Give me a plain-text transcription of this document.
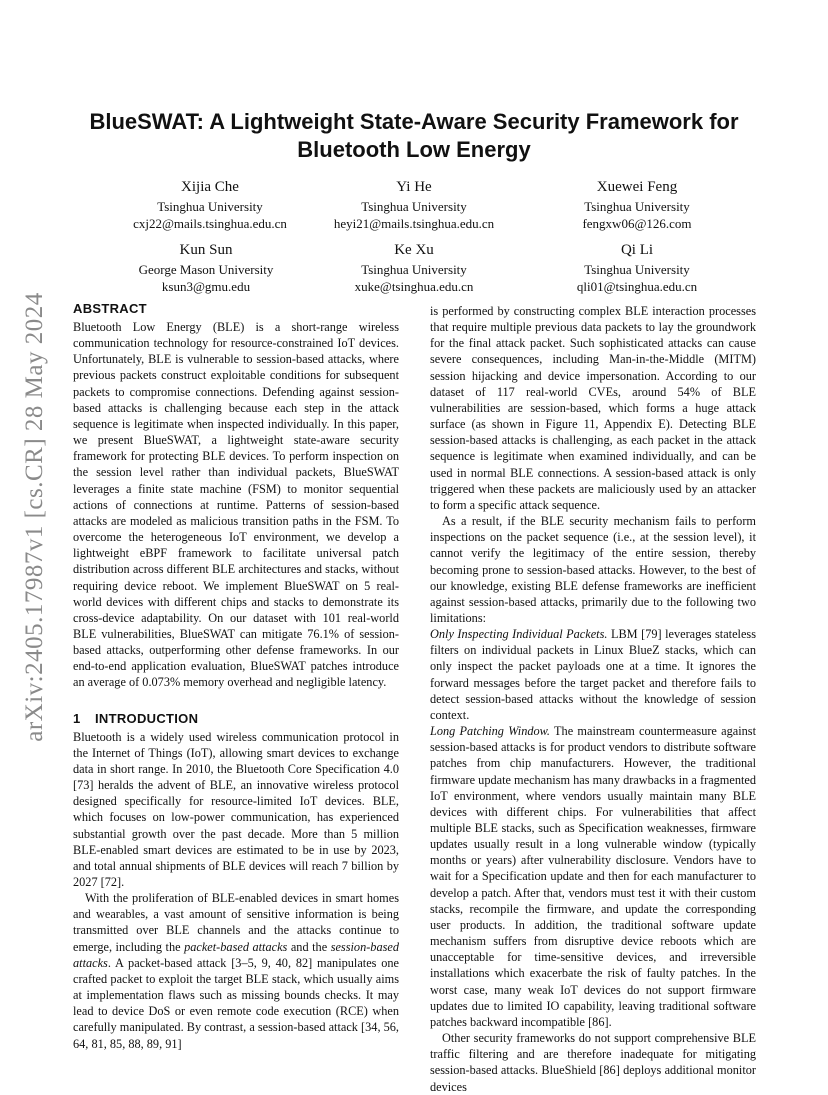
arXiv:2405.17987v1 [cs.CR] 28 May 2024
BlueSWAT: A Lightweight State-Aware Security Framework for
Bluetooth Low Energy
Xijia Che
Tsinghua University
cxj22@mails.tsinghua.edu.cn
Yi He
Tsinghua University
heyi21@mails.tsinghua.edu.cn
Xuewei Feng
Tsinghua University
fengxw06@126.com
Kun Sun
George Mason University
ksun3@gmu.edu
Ke Xu
Tsinghua University
xuke@tsinghua.edu.cn
Qi Li
Tsinghua University
qli01@tsinghua.edu.cn
ABSTRACT

Bluetooth Low Energy (BLE) is a short-range wireless communication technology for resource-constrained IoT devices. Unfortunately, BLE is vulnerable to session-based attacks, where previous packets construct exploitable conditions for subsequent packets to compromise connections. Defending against session-based attacks is challenging because each step in the attack sequence is legitimate when inspected individually. In this paper, we present BlueSWAT, a lightweight state-aware security framework for protecting BLE devices. To perform inspection on the session level rather than individual packets, BlueSWAT leverages a finite state machine (FSM) to monitor sequential actions of connections at runtime. Patterns of session-based attacks are modeled as malicious transition paths in the FSM. To overcome the heterogeneous IoT environment, we develop a lightweight eBPF framework to facilitate universal patch distribution across different BLE architectures and stacks, without requiring device reboot. We implement BlueSWAT on 5 real-world devices with different chips and stacks to demonstrate its cross-device adaptability. On our dataset with 101 real-world BLE vulnerabilities, BlueSWAT can mitigate 76.1% of session-based attacks, outperforming other defense frameworks. In our end-to-end application evaluation, BlueSWAT patches introduce an average of 0.073% memory overhead and negligible latency.

1 INTRODUCTION

Bluetooth is a widely used wireless communication protocol in the Internet of Things (IoT), allowing smart devices to exchange data in short range. In 2010, the Bluetooth Core Specification 4.0 [73] heralds the advent of BLE, an innovative wireless protocol designed specifically for resource-limited IoT devices. BLE, which focuses on low-power communication, has experienced substantial growth over the past decade. More than 5 million BLE-enabled smart devices are estimated to be in use by 2023, and total annual shipments of BLE devices will reach 7 billion by 2027 [72].

With the proliferation of BLE-enabled devices in smart homes and wearables, a vast amount of sensitive information is being transmitted over BLE channels and the attacks continue to emerge, including the packet-based attacks and the session-based attacks. A packet-based attack [3–5, 9, 40, 82] manipulates one crafted packet to exploit the target BLE stack, which usually aims at implementation flaws such as missing bounds checks. It may lead to device DoS or even remote code execution (RCE) when carefully manipulated. By contrast, a session-based attack [34, 56, 64, 81, 85, 88, 89, 91]

is performed by constructing complex BLE interaction processes that require multiple previous data packets to lay the groundwork for the final attack packet. Such sophisticated attacks can cause severe consequences, including Man-in-the-Middle (MITM) session hijacking and device impersonation. According to our dataset of 117 real-world CVEs, around 54% of BLE vulnerabilities are session-based, which forms a huge attack surface (as shown in Figure 11, Appendix E). Detecting BLE session-based attacks is challenging, as each packet in the attack sequence is legitimate when examined individually, and can be used in normal BLE connections. A session-based attack is only triggered when these packets are maliciously used by an attacker to form a specific attack sequence.

As a result, if the BLE security mechanism fails to perform inspections on the packet sequence (i.e., at the session level), it cannot verify the legitimacy of the entire session, thereby becoming prone to session-based attacks. However, to the best of our knowledge, existing BLE defense frameworks are inefficient against session-based attacks, primarily due to the following two limitations:

Only Inspecting Individual Packets. LBM [79] leverages stateless filters on individual packets in Linux BlueZ stacks, which can only inspect the packet payloads one at a time. It ignores the forward messages before the target packet and therefore fails to detect session-based attacks without the knowledge of session context.

Long Patching Window. The mainstream countermeasure against session-based attacks is for product vendors to distribute software patches from chip manufacturers. However, the traditional firmware update mechanism has many drawbacks in a fragmented IoT environment, where vendors usually maintain many BLE devices with different chips. For vulnerabilities that affect multiple BLE stacks, such as Specification weaknesses, firmware updates usually result in a long vulnerable window (typically months or years) after vulnerability disclosure. Vendors have to wait for a Specification update and then for each manufacturer to develop a patch. After that, vendors must test it with their custom stacks, recompile the firmware, and update the corresponding user products. In addition, the traditional software update mechanism suffers from disruptive device reboots which are unacceptable for time-sensitive devices, and irreversible installations which exacerbate the risk of faulty patches. In the worst case, many weak IoT devices do not support firmware updates due to limited IO capability, leaving traditional software patches backward incompatible [86].

Other security frameworks do not support comprehensive BLE traffic filtering and are therefore inadequate for mitigating session-based attacks. BlueShield [86] deploys additional monitor devices
